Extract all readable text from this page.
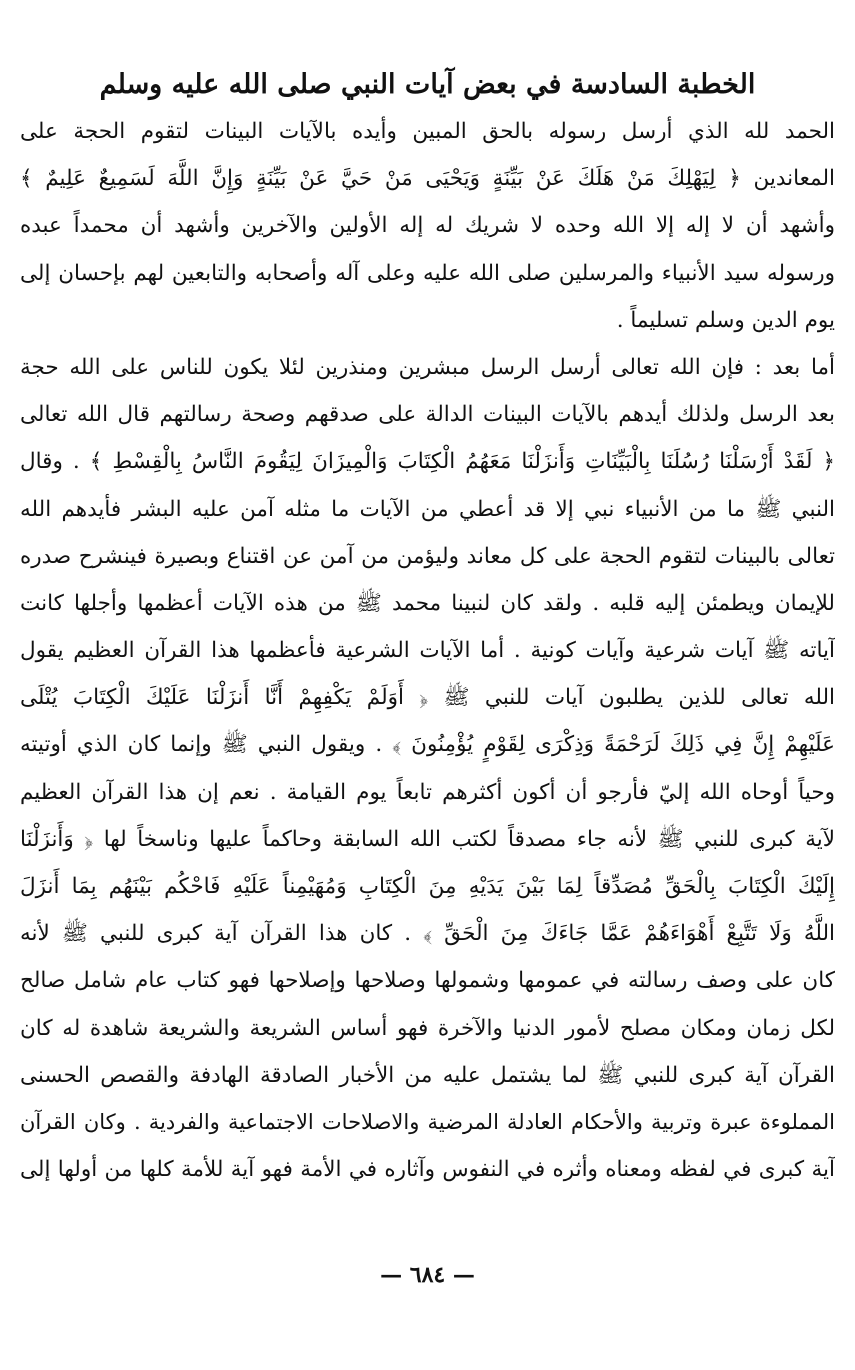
الخطبة السادسة في بعض آيات النبي صلى الله عليه وسلم
الحمد لله الذي أرسل رسوله بالحق المبين وأيده بالآيات البينات لتقوم الحجة على
المعاندين ﴿ لِيَهْلِكَ مَنْ هَلَكَ عَنْ بَيِّنَةٍ وَيَحْيَى مَنْ حَيَّ عَنْ بَيِّنَةٍ وَإِنَّ اللَّهَ لَسَمِيعٌ عَلِيمٌ ﴾
وأشهد أن لا إله إلا الله وحده لا شريك له إله الأولين والآخرين وأشهد أن محمداً عبده
ورسوله سيد الأنبياء والمرسلين صلى الله عليه وعلى آله وأصحابه والتابعين لهم بإحسان إلى
يوم الدين وسلم تسليماً .
أما بعد : فإن الله تعالى أرسل الرسل مبشرين ومنذرين لئلا يكون للناس على الله حجة
بعد الرسل ولذلك أيدهم بالآيات البينات الدالة على صدقهم وصحة رسالتهم قال الله تعالى
﴿ لَقَدْ أَرْسَلْنَا رُسُلَنَا بِالْبَيِّنَاتِ وَأَنزَلْنَا مَعَهُمُ الْكِتَابَ وَالْمِيزَانَ لِيَقُومَ النَّاسُ بِالْقِسْطِ ﴾ . وقال
النبي ﷺ ما من الأنبياء نبي إلا قد أعطي من الآيات ما مثله آمن عليه البشر فأيدهم الله
تعالى بالبينات لتقوم الحجة على كل معاند وليؤمن من آمن عن اقتناع وبصيرة فينشرح صدره
للإيمان ويطمئن إليه قلبه . ولقد كان لنبينا محمد ﷺ من هذه الآيات أعظمها وأجلها كانت
آياته ﷺ آيات شرعية وآيات كونية . أما الآيات الشرعية فأعظمها هذا القرآن العظيم يقول
الله تعالى للذين يطلبون آيات للنبي ﷺ ﴿ أَوَلَمْ يَكْفِهِمْ أَنَّا أَنزَلْنَا عَلَيْكَ الْكِتَابَ يُتْلَى
عَلَيْهِمْ إِنَّ فِي ذَلِكَ لَرَحْمَةً وَذِكْرَى لِقَوْمٍ يُؤْمِنُونَ ﴾ . ويقول النبي ﷺ وإنما كان الذي أوتيته
وحياً أوحاه الله إليّ فأرجو أن أكون أكثرهم تابعاً يوم القيامة . نعم إن هذا القرآن العظيم
لآية كبرى للنبي ﷺ لأنه جاء مصدقاً لكتب الله السابقة وحاكماً عليها وناسخاً لها ﴿ وَأَنزَلْنَا
إِلَيْكَ الْكِتَابَ بِالْحَقِّ مُصَدِّقاً لِمَا بَيْنَ يَدَيْهِ مِنَ الْكِتَابِ وَمُهَيْمِناً عَلَيْهِ فَاحْكُم بَيْنَهُم بِمَا أَنزَلَ
اللَّهُ وَلَا تَتَّبِعْ أَهْوَاءَهُمْ عَمَّا جَاءَكَ مِنَ الْحَقِّ ﴾ . كان هذا القرآن آية كبرى للنبي ﷺ لأنه
كان على وصف رسالته في عمومها وشمولها وصلاحها وإصلاحها فهو كتاب عام شامل صالح
لكل زمان ومكان مصلح لأمور الدنيا والآخرة فهو أساس الشريعة والشريعة شاهدة له كان
القرآن آية كبرى للنبي ﷺ لما يشتمل عليه من الأخبار الصادقة الهادفة والقصص الحسنى
المملوءة عبرة وتربية والأحكام العادلة المرضية والاصلاحات الاجتماعية والفردية . وكان القرآن
آية كبرى في لفظه ومعناه وأثره في النفوس وآثاره في الأمة فهو آية للأمة كلها من أولها إلى
— ٦٨٤ —
